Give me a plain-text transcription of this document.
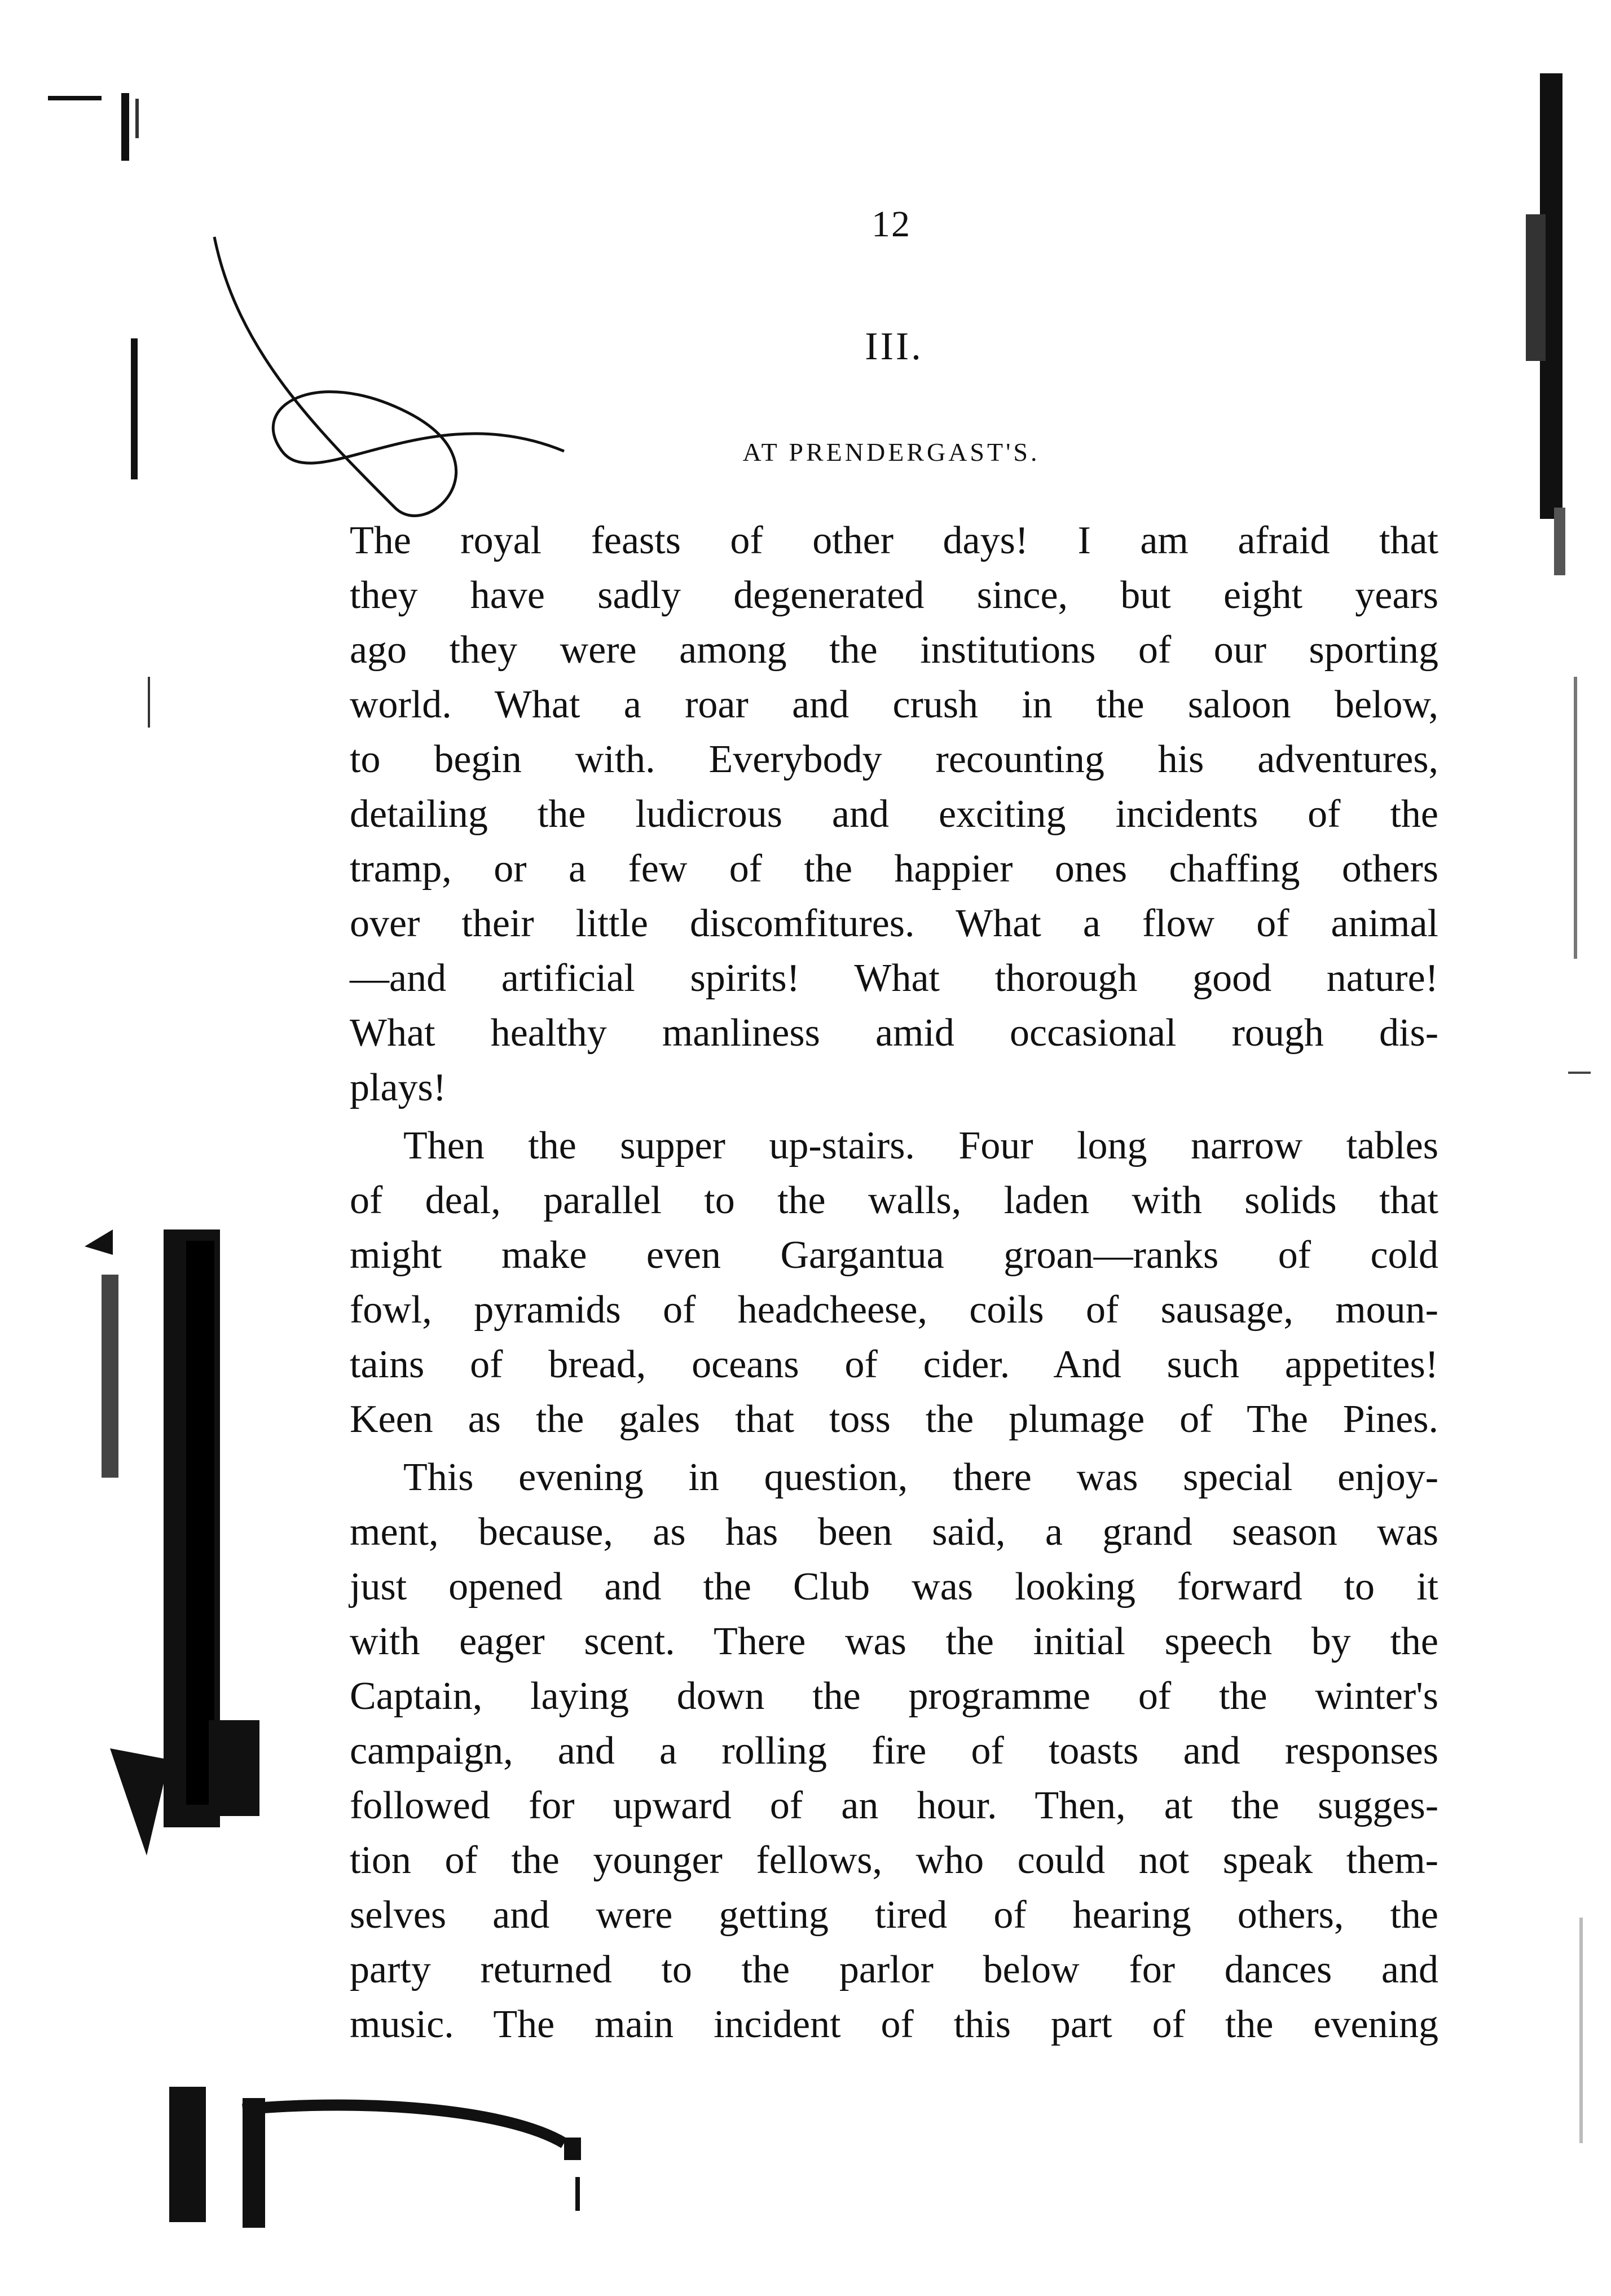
12
III.
AT PRENDERGAST'S.
The royal feasts of other days! I am afraid that
they have sadly degenerated since, but eight years
ago they were among the institutions of our sporting
world. What a roar and crush in the saloon below,
to begin with. Everybody recounting his adventures,
detailing the ludicrous and exciting incidents of the
tramp, or a few of the happier ones chaffing others
over their little discomfitures. What a flow of animal
—and artificial spirits! What thorough good nature!
What healthy manliness amid occasional rough dis-
plays!
Then the supper up-stairs. Four long narrow tables
of deal, parallel to the walls, laden with solids that
might make even Gargantua groan—ranks of cold
fowl, pyramids of headcheese, coils of sausage, moun-
tains of bread, oceans of cider. And such appetites!
Keen as the gales that toss the plumage of The Pines.
This evening in question, there was special enjoy-
ment, because, as has been said, a grand season was
just opened and the Club was looking forward to it
with eager scent. There was the initial speech by the
Captain, laying down the programme of the winter's
campaign, and a rolling fire of toasts and responses
followed for upward of an hour. Then, at the sugges-
tion of the younger fellows, who could not speak them-
selves and were getting tired of hearing others, the
party returned to the parlor below for dances and
music. The main incident of this part of the evening
